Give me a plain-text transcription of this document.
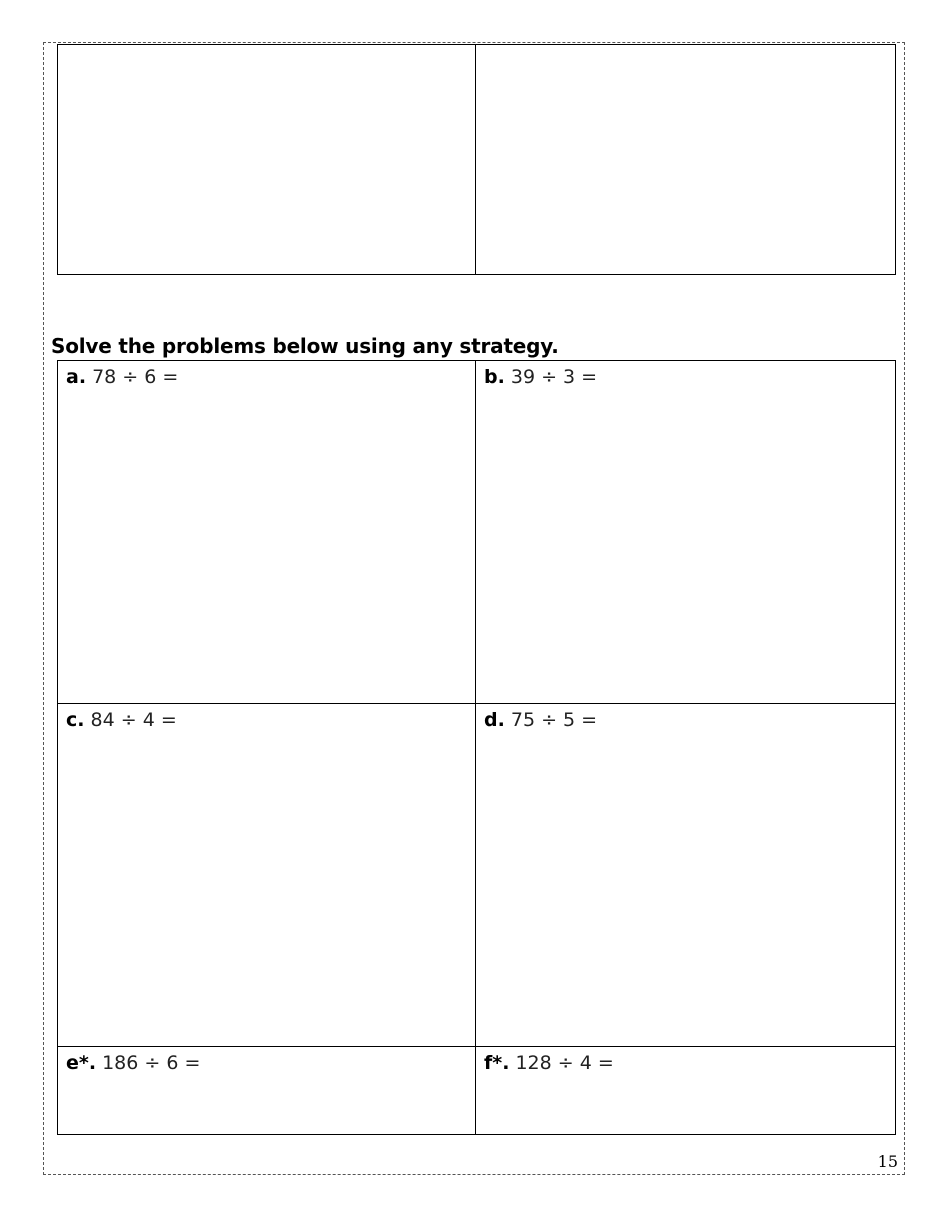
Solve the problems below using any strategy.
a. 78 ÷ 6 =	b. 39 ÷ 3 =
c. 84 ÷ 4 =	d. 75 ÷ 5 =
e*. 186 ÷ 6 =	f*. 128 ÷ 4 =
15
